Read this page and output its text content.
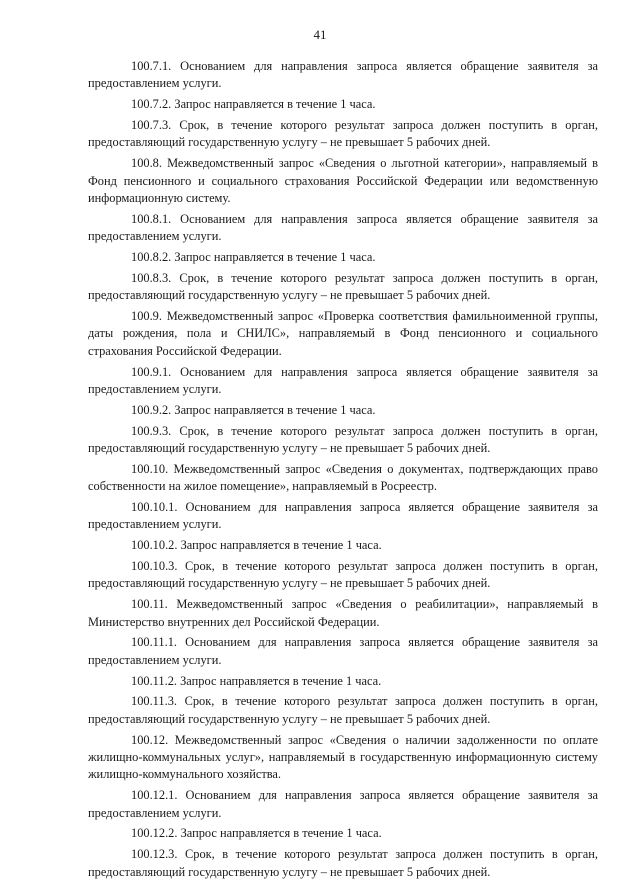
41

100.7.1. Основанием для направления запроса является обращение заявителя за предоставлением услуги.

100.7.2. Запрос направляется в течение 1 часа.

100.7.3. Срок, в течение которого результат запроса должен поступить в орган, предоставляющий государственную услугу – не превышает 5 рабочих дней.

100.8. Межведомственный запрос «Сведения о льготной категории», направляемый в Фонд пенсионного и социального страхования Российской Федерации или ведомственную информационную систему.

100.8.1. Основанием для направления запроса является обращение заявителя за предоставлением услуги.

100.8.2. Запрос направляется в течение 1 часа.

100.8.3. Срок, в течение которого результат запроса должен поступить в орган, предоставляющий государственную услугу – не превышает 5 рабочих дней.

100.9. Межведомственный запрос «Проверка соответствия фамильноименной группы, даты рождения, пола и СНИЛС», направляемый в Фонд пенсионного и социального страхования Российской Федерации.

100.9.1. Основанием для направления запроса является обращение заявителя за предоставлением услуги.

100.9.2. Запрос направляется в течение 1 часа.

100.9.3. Срок, в течение которого результат запроса должен поступить в орган, предоставляющий государственную услугу – не превышает 5 рабочих дней.

100.10. Межведомственный запрос «Сведения о документах, подтверждающих право собственности на жилое помещение», направляемый в Росреестр.

100.10.1. Основанием для направления запроса является обращение заявителя за предоставлением услуги.

100.10.2. Запрос направляется в течение 1 часа.

100.10.3. Срок, в течение которого результат запроса должен поступить в орган, предоставляющий государственную услугу – не превышает 5 рабочих дней.

100.11. Межведомственный запрос «Сведения о реабилитации», направляемый в Министерство внутренних дел Российской Федерации.

100.11.1. Основанием для направления запроса является обращение заявителя за предоставлением услуги.

100.11.2. Запрос направляется в течение 1 часа.

100.11.3. Срок, в течение которого результат запроса должен поступить в орган, предоставляющий государственную услугу – не превышает 5 рабочих дней.

100.12. Межведомственный запрос «Сведения о наличии задолженности по оплате жилищно-коммунальных услуг», направляемый в государственную информационную систему жилищно-коммунального хозяйства.

100.12.1. Основанием для направления запроса является обращение заявителя за предоставлением услуги.

100.12.2. Запрос направляется в течение 1 часа.

100.12.3. Срок, в течение которого результат запроса должен поступить в орган, предоставляющий государственную услугу – не превышает 5 рабочих дней.
